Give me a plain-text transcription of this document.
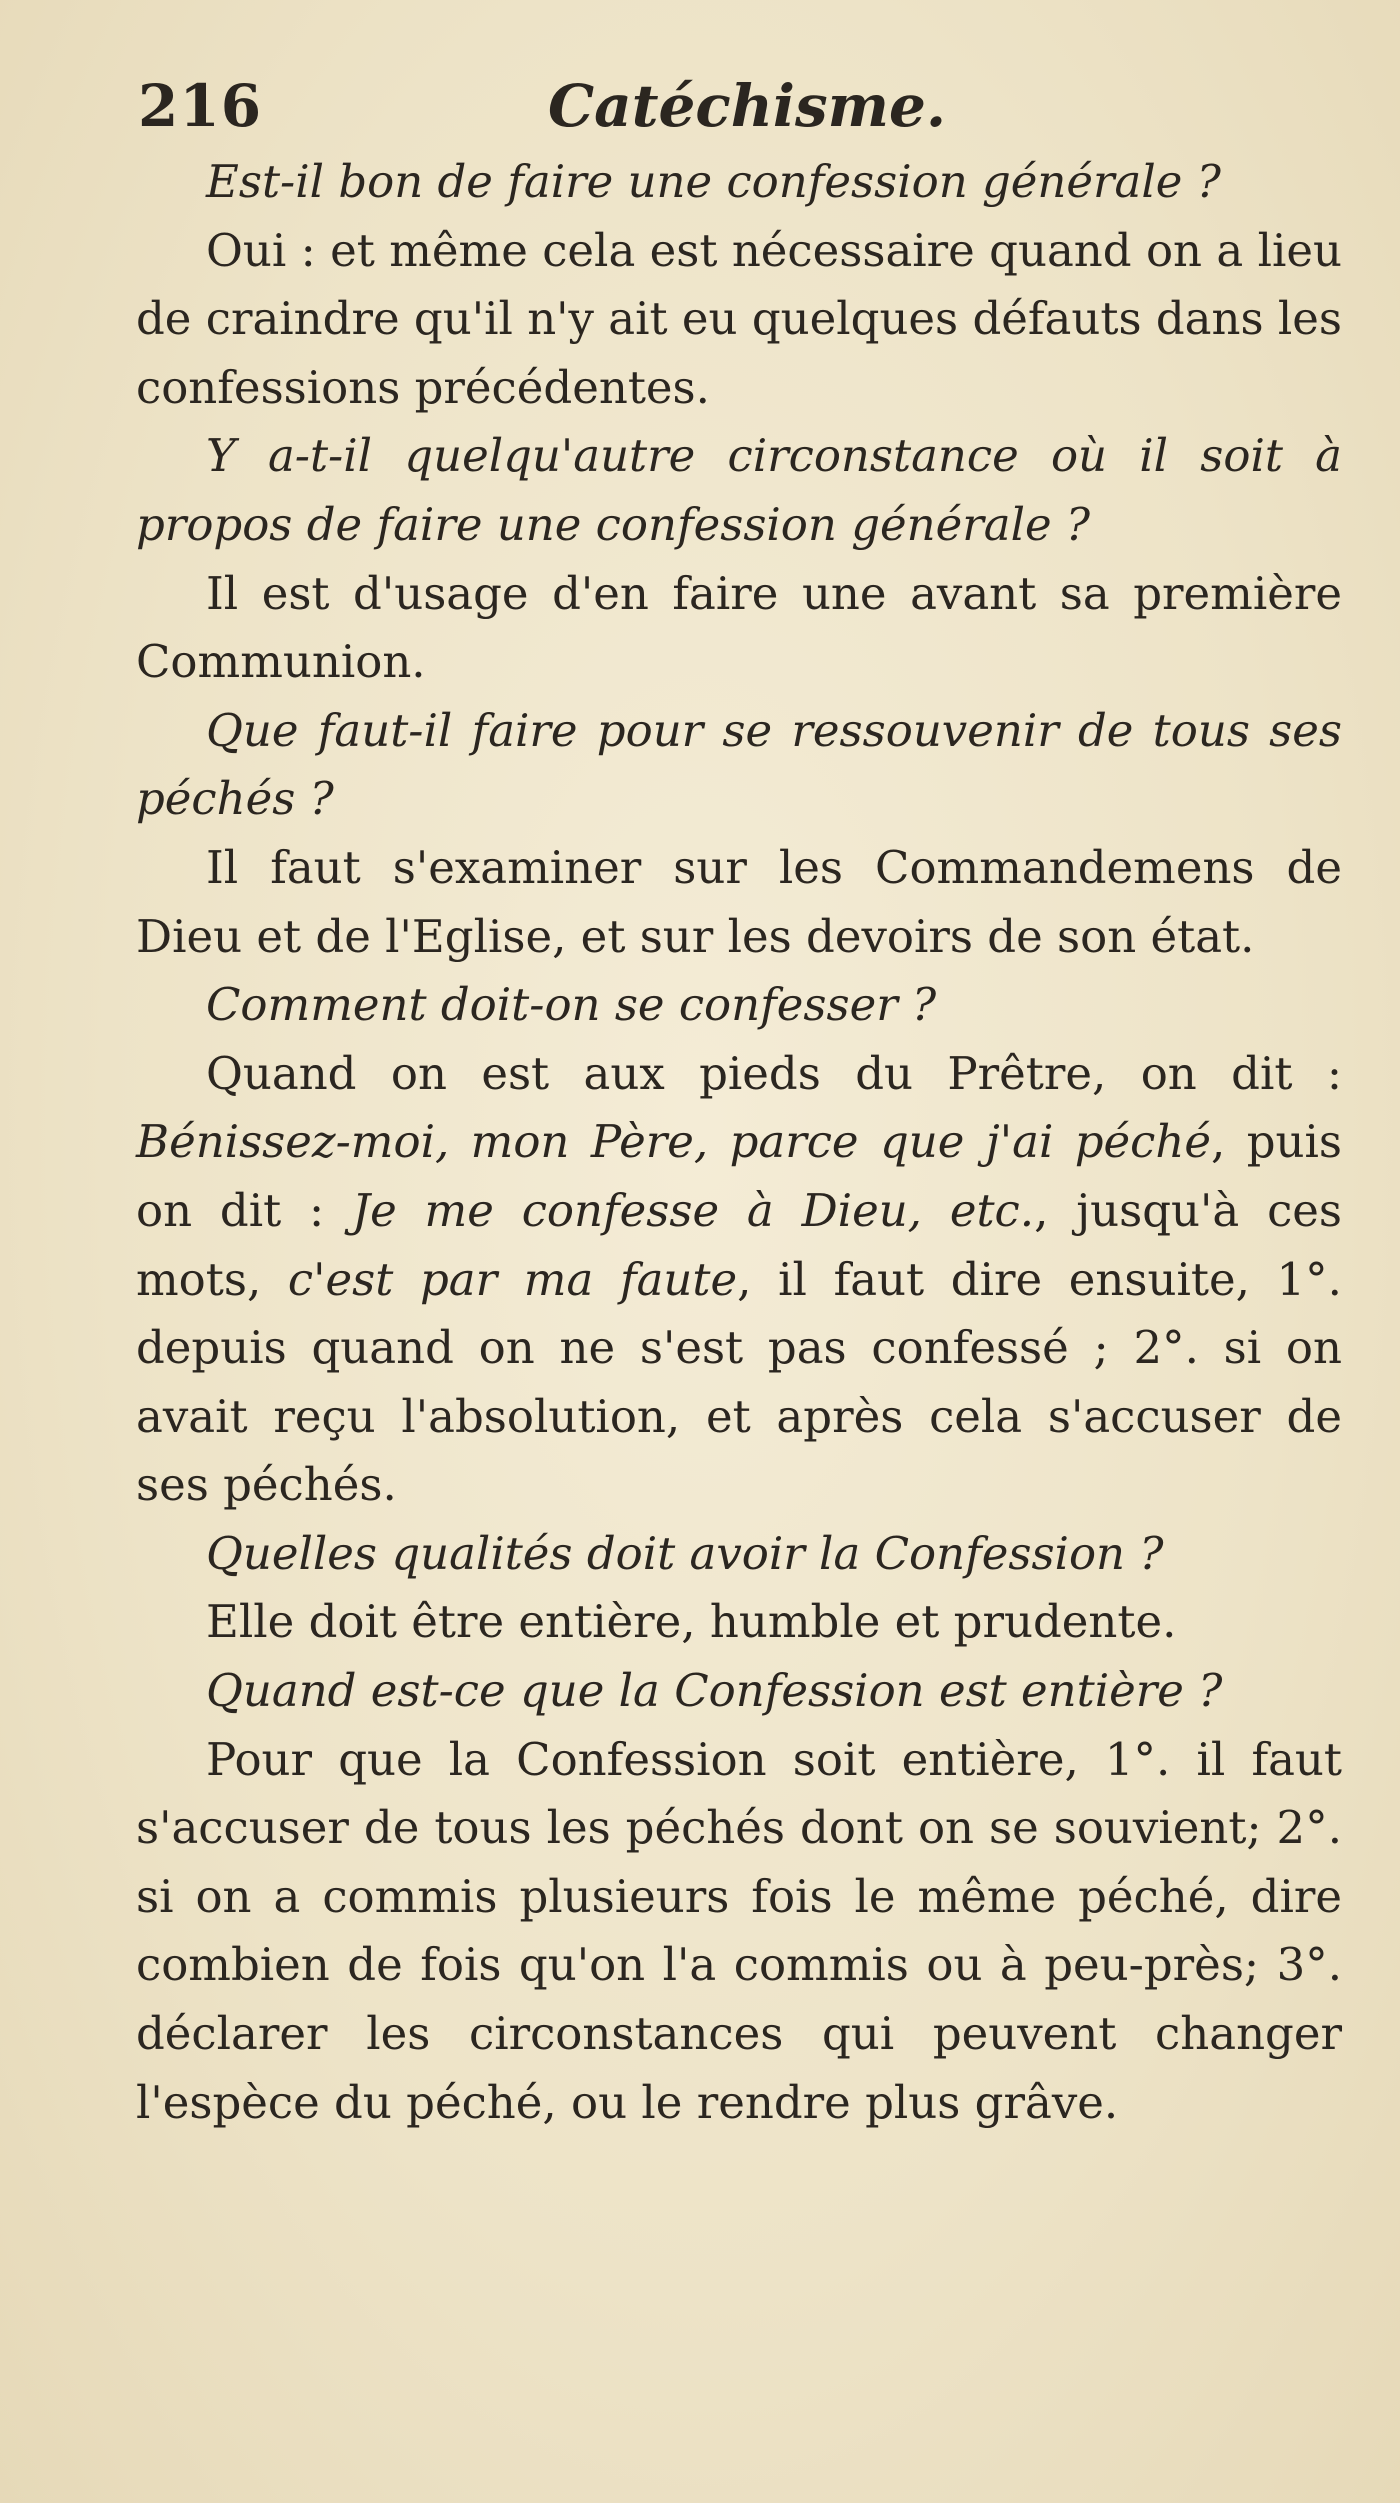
216	Catéchisme.

Est-il bon de faire une confession générale ?

Oui : et même cela est nécessaire quand on a lieu de craindre qu'il n'y ait eu quelques défauts dans les confessions précédentes.

Y a-t-il quelqu'autre circonstance où il soit à propos de faire une confession générale ?

Il est d'usage d'en faire une avant sa première Communion.

Que faut-il faire pour se ressouvenir de tous ses péchés ?

Il faut s'examiner sur les Commandemens de Dieu et de l'Eglise, et sur les devoirs de son état.

Comment doit-on se confesser ?

Quand on est aux pieds du Prêtre, on dit : Bénissez-moi, mon Père, parce que j'ai péché, puis on dit : Je me confesse à Dieu, etc., jusqu'à ces mots, c'est par ma faute, il faut dire ensuite, 1°. depuis quand on ne s'est pas confessé ; 2°. si on avait reçu l'absolution, et après cela s'accuser de ses péchés.

Quelles qualités doit avoir la Confession ?

Elle doit être entière, humble et prudente.

Quand est-ce que la Confession est entière ?

Pour que la Confession soit entière, 1°. il faut s'accuser de tous les péchés dont on se souvient; 2°. si on a commis plusieurs fois le même péché, dire combien de fois qu'on l'a commis ou à peu-près; 3°. déclarer les circonstances qui peuvent changer l'espèce du péché, ou le rendre plus grâve.
